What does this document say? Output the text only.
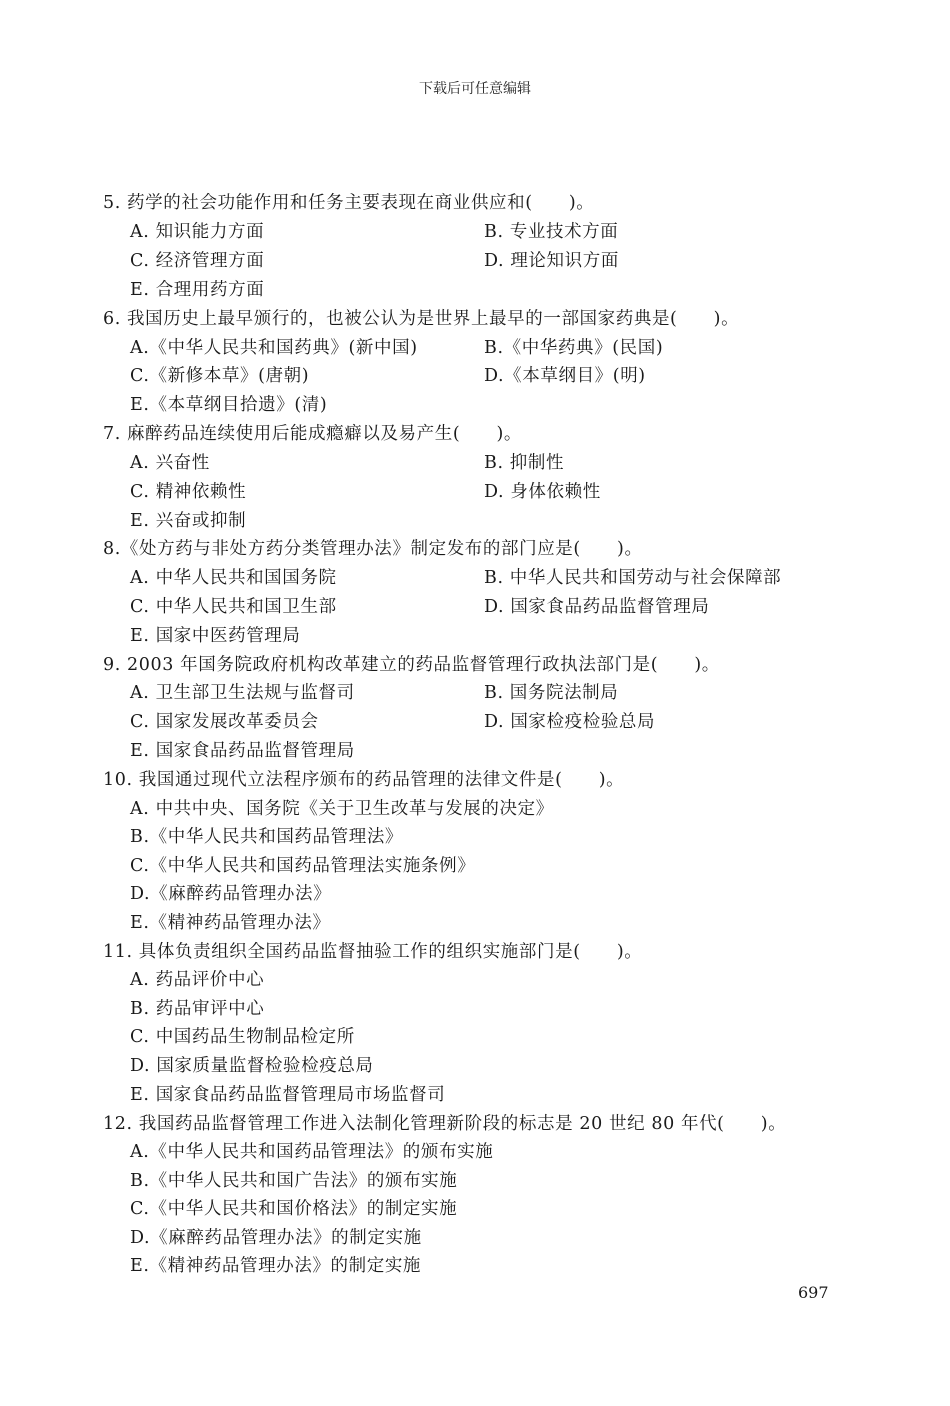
下载后可任意编辑
5. 药学的社会功能作用和任务主要表现在商业供应和(　　)。
A. 知识能力方面	B. 专业技术方面
C. 经济管理方面	D. 理论知识方面
E. 合理用药方面
6. 我国历史上最早颁行的，也被公认为是世界上最早的一部国家药典是(　　)。
A.《中华人民共和国药典》(新中国)	B.《中华药典》(民国)
C.《新修本草》(唐朝)	D.《本草纲目》(明)
E.《本草纲目拾遗》(清)
7. 麻醉药品连续使用后能成瘾癖以及易产生(　　)。
A. 兴奋性	B. 抑制性
C. 精神依赖性	D. 身体依赖性
E. 兴奋或抑制
8.《处方药与非处方药分类管理办法》制定发布的部门应是(　　)。
A. 中华人民共和国国务院	B. 中华人民共和国劳动与社会保障部
C. 中华人民共和国卫生部	D. 国家食品药品监督管理局
E. 国家中医药管理局
9. 2003 年国务院政府机构改革建立的药品监督管理行政执法部门是(　　)。
A. 卫生部卫生法规与监督司	B. 国务院法制局
C. 国家发展改革委员会	D. 国家检疫检验总局
E. 国家食品药品监督管理局
10. 我国通过现代立法程序颁布的药品管理的法律文件是(　　)。
A. 中共中央、国务院《关于卫生改革与发展的决定》
B.《中华人民共和国药品管理法》
C.《中华人民共和国药品管理法实施条例》
D.《麻醉药品管理办法》
E.《精神药品管理办法》
11. 具体负责组织全国药品监督抽验工作的组织实施部门是(　　)。
A. 药品评价中心
B. 药品审评中心
C. 中国药品生物制品检定所
D. 国家质量监督检验检疫总局
E. 国家食品药品监督管理局市场监督司
12. 我国药品监督管理工作进入法制化管理新阶段的标志是 20 世纪 80 年代(　　)。
A.《中华人民共和国药品管理法》的颁布实施
B.《中华人民共和国广告法》的颁布实施
C.《中华人民共和国价格法》的制定实施
D.《麻醉药品管理办法》的制定实施
E.《精神药品管理办法》的制定实施
697
